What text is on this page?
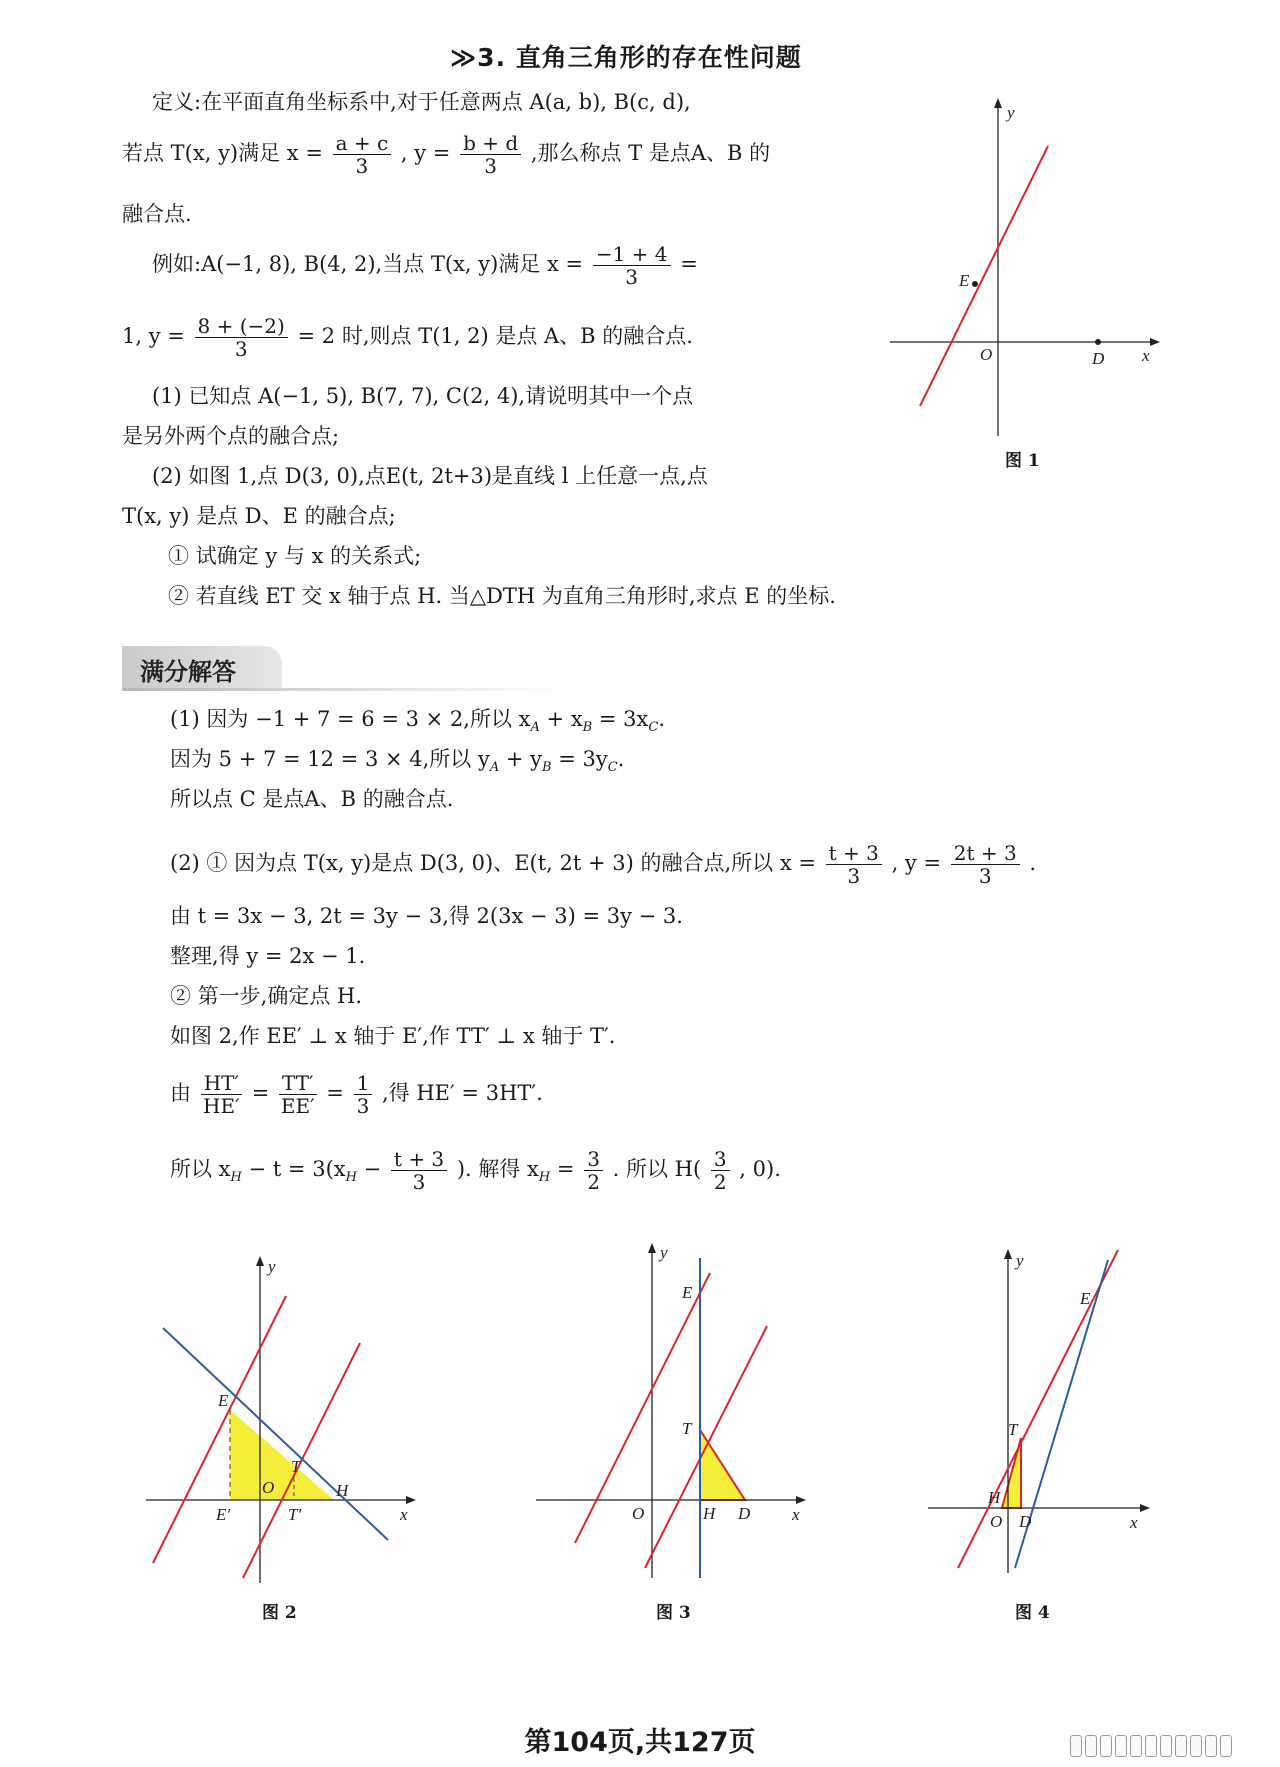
≫3. 直角三角形的存在性问题
定义:在平面直角坐标系中,对于任意两点 A(a, b), B(c, d),
若点 T(x, y)满足 $x = \frac{a + c}{3}$ , $y = \frac{b + d}{3}$ ,那么称点 T 是点A、B 的
融合点.
例如:A(−1, 8), B(4, 2),当点 T(x, y)满足 $x = \frac{-1 + 4}{3}$ =
1, $y = \frac{8 + (-2)}{3} = 2$ 时,则点 T(1, 2) 是点 A、B 的融合点.
(1) 已知点 A(−1, 5), B(7, 7), C(2, 4),请说明其中一个点
是另外两个点的融合点;
(2) 如图 1,点 D(3, 0),点E(t, 2t+3)是直线 l 上任意一点,点
T(x, y) 是点 D、E 的融合点;
① 试确定 y 与 x 的关系式;
② 若直线 ET 交 x 轴于点 H. 当△DTH 为直角三角形时,求点 E 的坐标.
y
x
O
E
D
图 1
满分解答
(1) 因为 −1 + 7 = 6 = 3 × 2,所以 $x_A + x_B = 3x_C$.
因为 5 + 7 = 12 = 3 × 4,所以 $y_A + y_B = 3y_C$.
所以点 C 是点A、B 的融合点.
(2) ① 因为点 T(x, y)是点 D(3, 0)、E(t, 2t + 3) 的融合点,所以 $x = \frac{t + 3}{3}$ , $y = \frac{2t + 3}{3}$ .
由 t = 3x − 3, 2t = 3y − 3,得 2(3x − 3) = 3y − 3.
整理,得 y = 2x − 1.
② 第一步,确定点 H.
如图 2,作 EE′ ⊥ x 轴于 E′,作 TT′ ⊥ x 轴于 T′.
由 $\frac{HT'}{HE'} = \frac{TT'}{EE'} = \frac{1}{3}$ ,得 HE′ = 3HT′.
所以 $x_H - t = 3(x_H - \frac{t + 3}{3}$ ). 解得 $x_H = \frac{3}{2}$ . 所以 $H( \frac{3}{2}$ , 0).
y
x
O
E
E′
T
T′
H
图 2
y
x
O
E
T
H D
图 3
y
x
O
E
T
H
D
图 4
第104页,共127页
